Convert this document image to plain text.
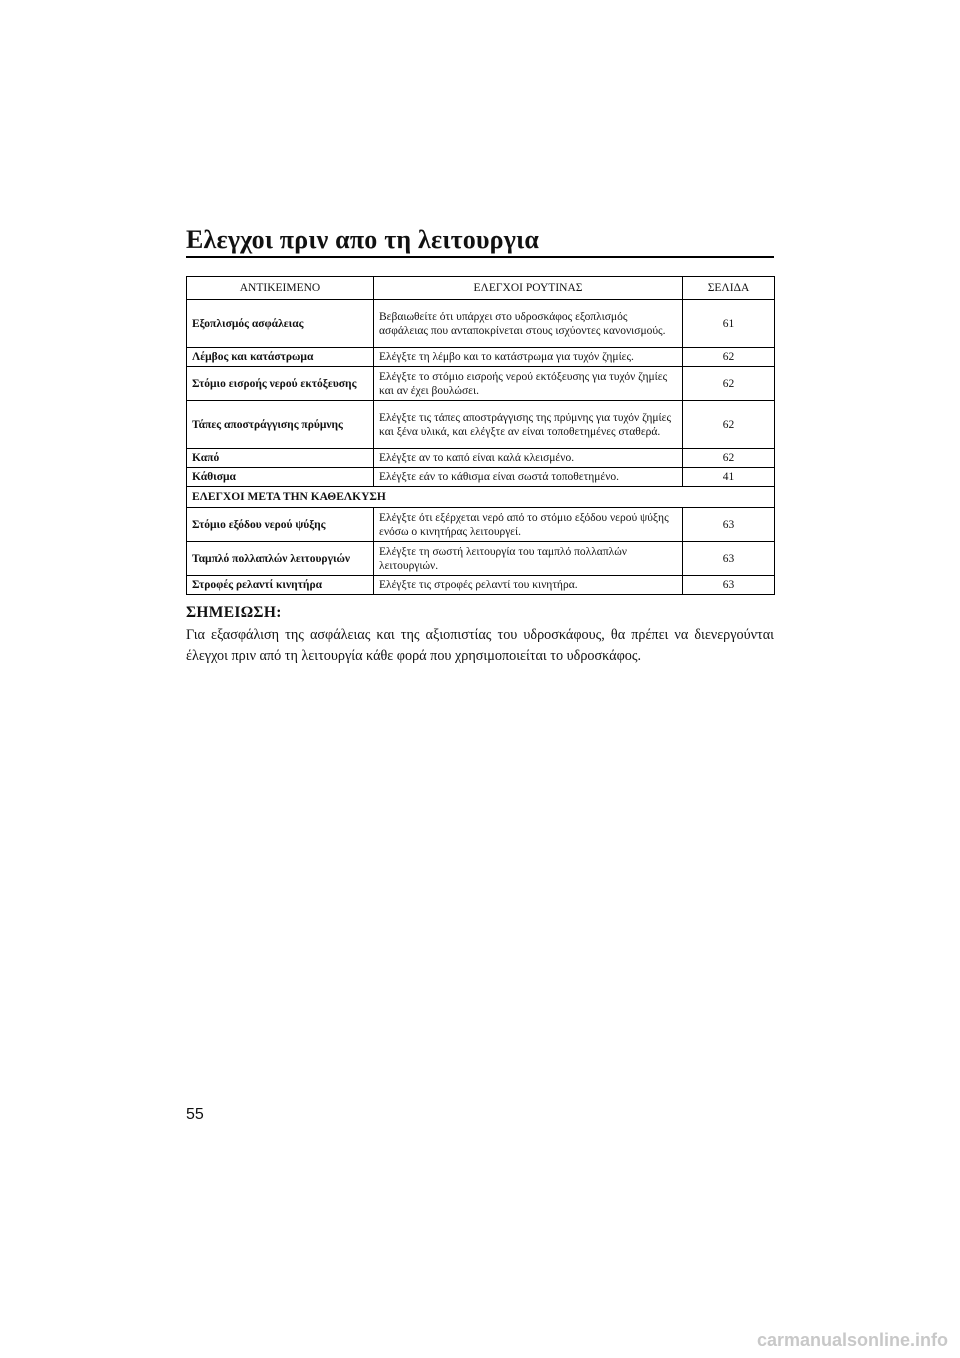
Ελεγχοι πριν απο τη λειτουργια
ΑΝΤΙΚΕΙΜΕΝΟ	ΕΛΕΓΧΟΙ ΡΟΥΤΙΝΑΣ	ΣΕΛΙΔΑ
Εξοπλισμός ασφάλειας	Βεβαιωθείτε ότι υπάρχει στο υδροσκάφος εξοπλισμός ασφάλειας που ανταποκρίνεται στους ισχύοντες κανονισμούς.	61
Λέμβος και κατάστρωμα	Ελέγξτε τη λέμβο και το κατάστρωμα για τυχόν ζημίες.	62
Στόμιο εισροής νερού εκτόξευσης	Ελέγξτε το στόμιο εισροής νερού εκτόξευσης για τυχόν ζημίες και αν έχει βουλώσει.	62
Τάπες αποστράγγισης πρύμνης	Ελέγξτε τις τάπες αποστράγγισης της πρύμνης για τυχόν ζημίες και ξένα υλικά, και ελέγξτε αν είναι τοποθετημένες σταθερά.	62
Καπό	Ελέγξτε αν το καπό είναι καλά κλεισμένο.	62
Κάθισμα	Ελέγξτε εάν το κάθισμα είναι σωστά τοποθετημένο.	41
ΕΛΕΓΧΟΙ ΜΕΤΑ ΤΗΝ ΚΑΘΕΛΚΥΣΗ		
Στόμιο εξόδου νερού ψύξης	Ελέγξτε ότι εξέρχεται νερό από το στόμιο εξόδου νερού ψύξης ενόσω ο κινητήρας λειτουργεί.	63
Ταμπλό πολλαπλών λειτουργιών	Ελέγξτε τη σωστή λειτουργία του ταμπλό πολλαπλών λειτουργιών.	63
Στροφές ρελαντί κινητήρα	Ελέγξτε τις στροφές ρελαντί του κινητήρα.	63
ΣΗΜΕΙΩΣΗ:

Για εξασφάλιση της ασφάλειας και της αξιοπιστίας του υδροσκάφους, θα πρέπει να διενεργούνται έλεγχοι πριν από τη λειτουργία κάθε φορά που χρησιμοποιείται το υδροσκάφος.

55
carmanualsonline.info
